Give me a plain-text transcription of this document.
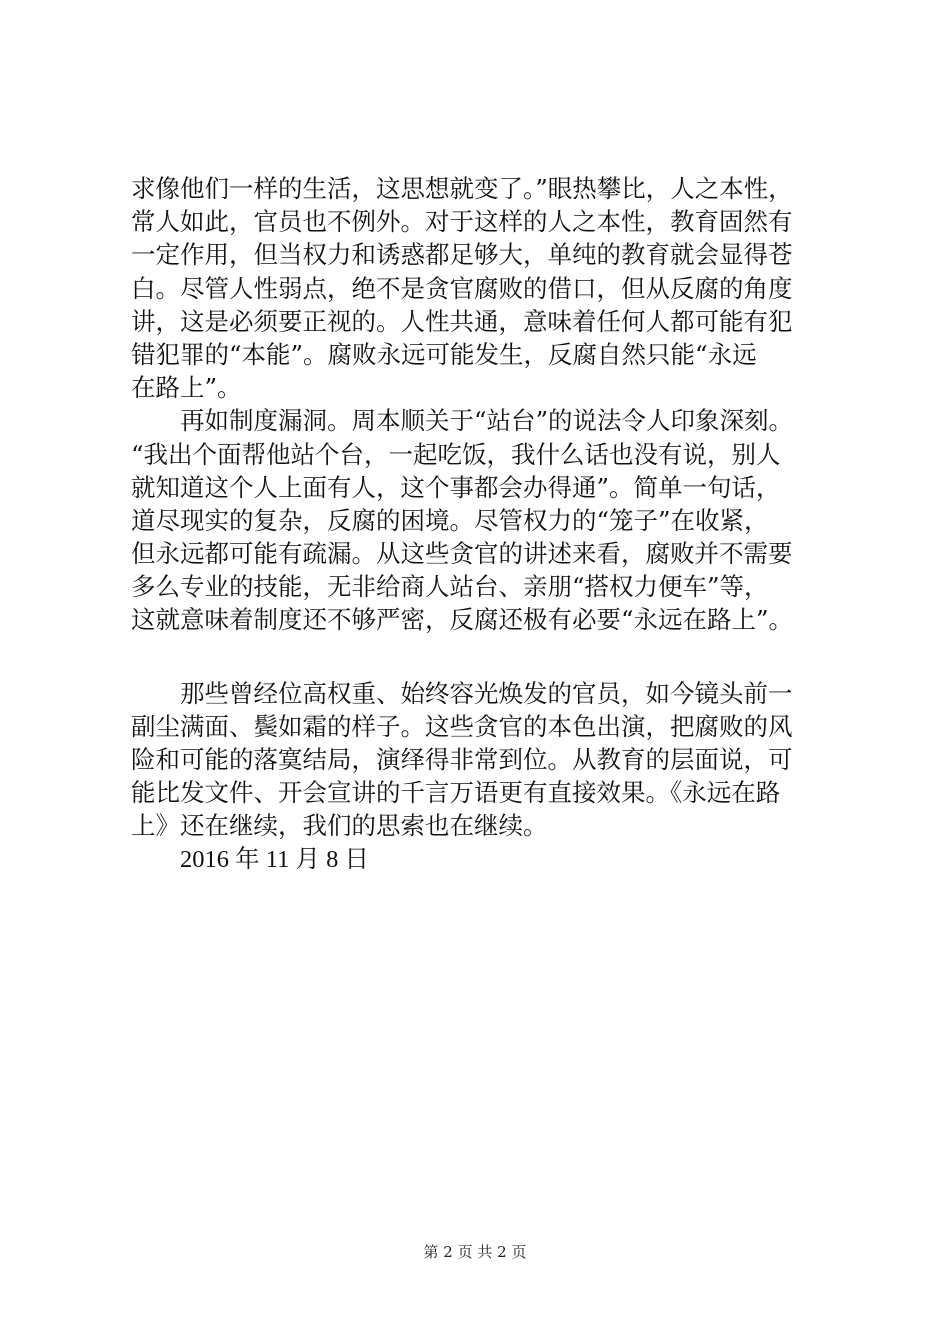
求像他们一样的生活，这思想就变了。”眼热攀比，人之本性，
常人如此，官员也不例外。对于这样的人之本性，教育固然有
一定作用，但当权力和诱惑都足够大，单纯的教育就会显得苍
白。尽管人性弱点，绝不是贪官腐败的借口，但从反腐的角度
讲，这是必须要正视的。人性共通，意味着任何人都可能有犯
错犯罪的“本能”。腐败永远可能发生，反腐自然只能“永远
在路上”。
　　再如制度漏洞。周本顺关于“站台”的说法令人印象深刻。
“我出个面帮他站个台，一起吃饭，我什么话也没有说，别人
就知道这个人上面有人，这个事都会办得通”。简单一句话，
道尽现实的复杂，反腐的困境。尽管权力的“笼子”在收紧，
但永远都可能有疏漏。从这些贪官的讲述来看，腐败并不需要
多么专业的技能，无非给商人站台、亲朋“搭权力便车”等，
这就意味着制度还不够严密，反腐还极有必要“永远在路上”。
　　那些曾经位高权重、始终容光焕发的官员，如今镜头前一
副尘满面、鬓如霜的样子。这些贪官的本色出演，把腐败的风
险和可能的落寞结局，演绎得非常到位。从教育的层面说，可
能比发文件、开会宣讲的千言万语更有直接效果。《永远在路
上》还在继续，我们的思索也在继续。
　　2016 年 11 月 8 日
第 2 页 共 2 页
